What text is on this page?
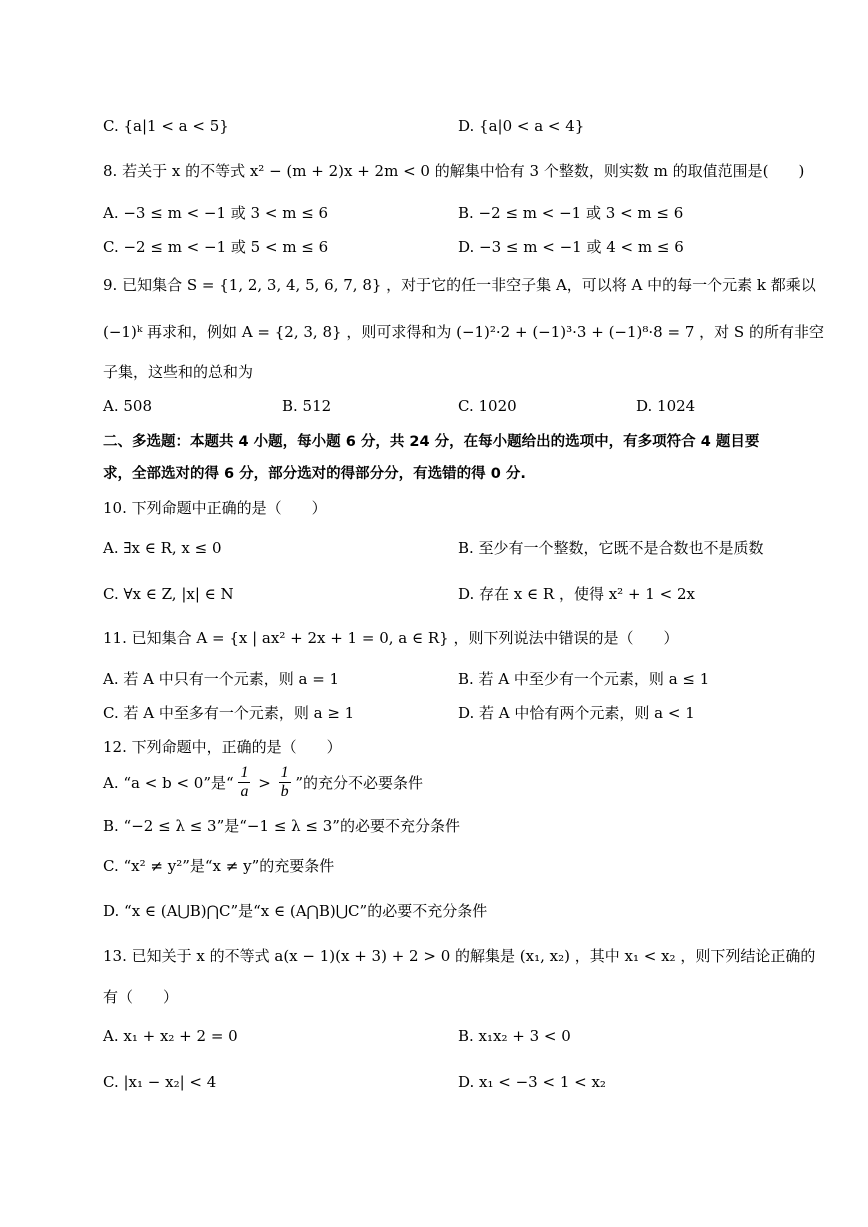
C. {a|1 < a < 5}	D. {a|0 < a < 4}
8. 若关于 x 的不等式 x² − (m + 2)x + 2m < 0 的解集中恰有 3 个整数，则实数 m 的取值范围是(　　)
A. −3 ≤ m < −1 或 3 < m ≤ 6	B. −2 ≤ m < −1 或 3 < m ≤ 6
C. −2 ≤ m < −1 或 5 < m ≤ 6	D. −3 ≤ m < −1 或 4 < m ≤ 6
9. 已知集合 S = {1, 2, 3, 4, 5, 6, 7, 8} ，对于它的任一非空子集 A，可以将 A 中的每一个元素 k 都乘以
(−1)ᵏ 再求和，例如 A = {2, 3, 8} ，则可求得和为 (−1)²·2 + (−1)³·3 + (−1)⁸·8 = 7 ，对 S 的所有非空
子集，这些和的总和为
A. 508	B. 512	C. 1020	D. 1024
二、多选题：本题共 4 小题，每小题 6 分，共 24 分，在每小题给出的选项中，有多项符合 4 题目要
求，全部选对的得 6 分，部分选对的得部分分，有选错的得 0 分.
10. 下列命题中正确的是（　　）
A. ∃x ∈ R, x ≤ 0	B. 至少有一个整数，它既不是合数也不是质数
C. ∀x ∈ Z, |x| ∈ N	D. 存在 x ∈ R ，使得 x² + 1 < 2x
11. 已知集合 A = {x | ax² + 2x + 1 = 0, a ∈ R} ，则下列说法中错误的是（　　）
A. 若 A 中只有一个元素，则 a = 1	B. 若 A 中至少有一个元素，则 a ≤ 1
C. 若 A 中至多有一个元素，则 a ≥ 1	D. 若 A 中恰有两个元素，则 a < 1
12. 下列命题中，正确的是（　　）
A. “a < b < 0”是“ $\frac{1}{a} > \frac{1}{b}$ ”的充分不必要条件
B. “−2 ≤ λ ≤ 3”是“−1 ≤ λ ≤ 3”的必要不充分条件
C. “x² ≠ y²”是“x ≠ y”的充要条件
D. “x ∈ (A⋃B)⋂C”是“x ∈ (A⋂B)⋃C”的必要不充分条件
13. 已知关于 x 的不等式 a(x − 1)(x + 3) + 2 > 0 的解集是 (x₁, x₂) ，其中 x₁ < x₂ ，则下列结论正确的
有（　　）
A. x₁ + x₂ + 2 = 0	B. x₁x₂ + 3 < 0
C. |x₁ − x₂| < 4	D. x₁ < −3 < 1 < x₂
